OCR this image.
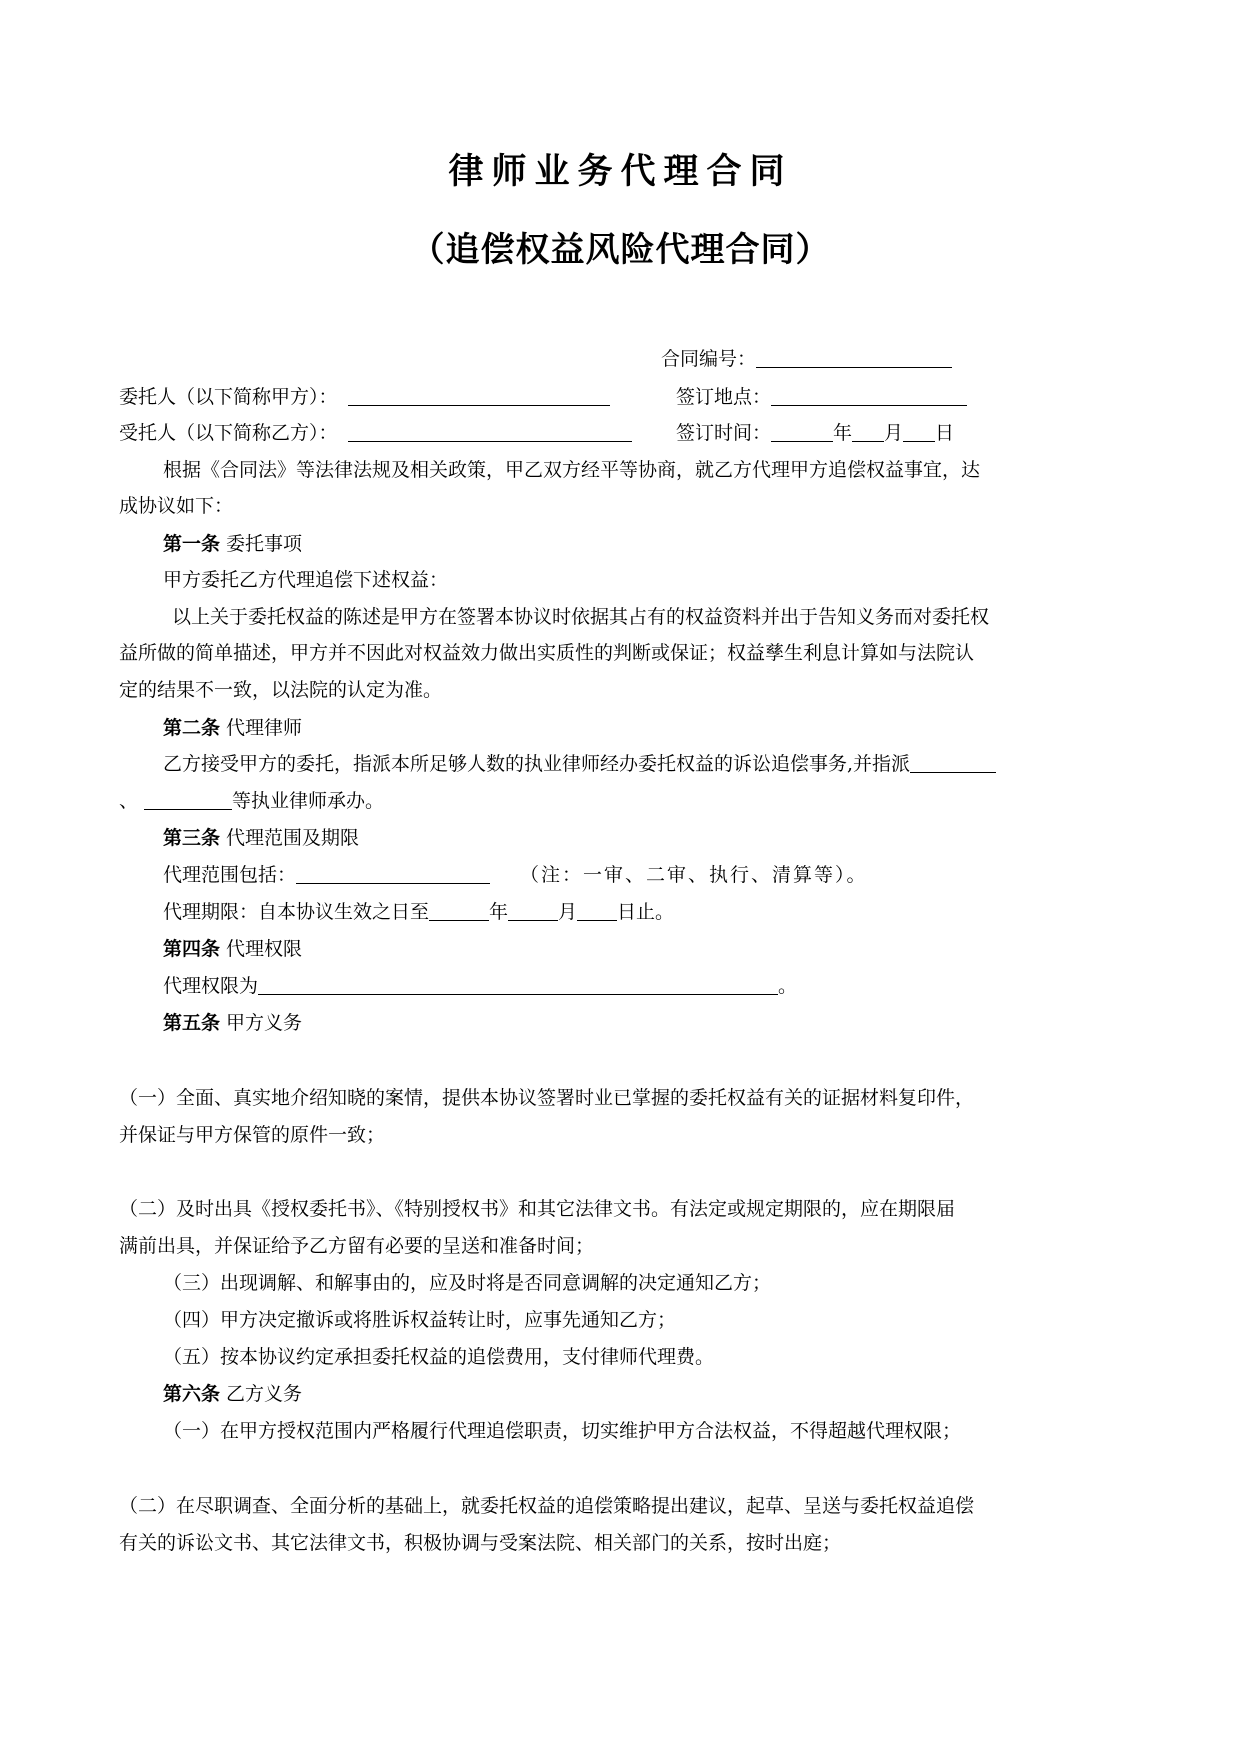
律师业务代理合同
（追偿权益风险代理合同）
合同编号：
委托人（以下简称甲方）：	签订地点：
受托人（以下简称乙方）：	签订时间：	年 月 日
根据《合同法》等法律法规及相关政策，甲乙双方经平等协商，就乙方代理甲方追偿权益事宜，达
成协议如下：
第一条 委托事项
甲方委托乙方代理追偿下述权益：
以上关于委托权益的陈述是甲方在签署本协议时依据其占有的权益资料并出于告知义务而对委托权
益所做的简单描述，甲方并不因此对权益效力做出实质性的判断或保证；权益孳生利息计算如与法院认
定的结果不一致，以法院的认定为准。
第二条 代理律师
乙方接受甲方的委托，指派本所足够人数的执业律师经办委托权益的诉讼追偿事务,并指派
、	等执业律师承办。
第三条 代理范围及期限
代理范围包括：	（注：一审、二审、执行、清算等）。
代理期限：自本协议生效之日至	年	月 日止。
第四条 代理权限
代理权限为	。
第五条 甲方义务
（一）全面、真实地介绍知晓的案情，提供本协议签署时业已掌握的委托权益有关的证据材料复印件，
并保证与甲方保管的原件一致；
（二）及时出具《授权委托书》、《特别授权书》和其它法律文书。有法定或规定期限的，应在期限届
满前出具，并保证给予乙方留有必要的呈送和准备时间；
（三）出现调解、和解事由的，应及时将是否同意调解的决定通知乙方；
（四）甲方决定撤诉或将胜诉权益转让时，应事先通知乙方；
（五）按本协议约定承担委托权益的追偿费用，支付律师代理费。
第六条 乙方义务
（一）在甲方授权范围内严格履行代理追偿职责，切实维护甲方合法权益，不得超越代理权限；
（二）在尽职调查、全面分析的基础上，就委托权益的追偿策略提出建议，起草、呈送与委托权益追偿
有关的诉讼文书、其它法律文书，积极协调与受案法院、相关部门的关系，按时出庭；
